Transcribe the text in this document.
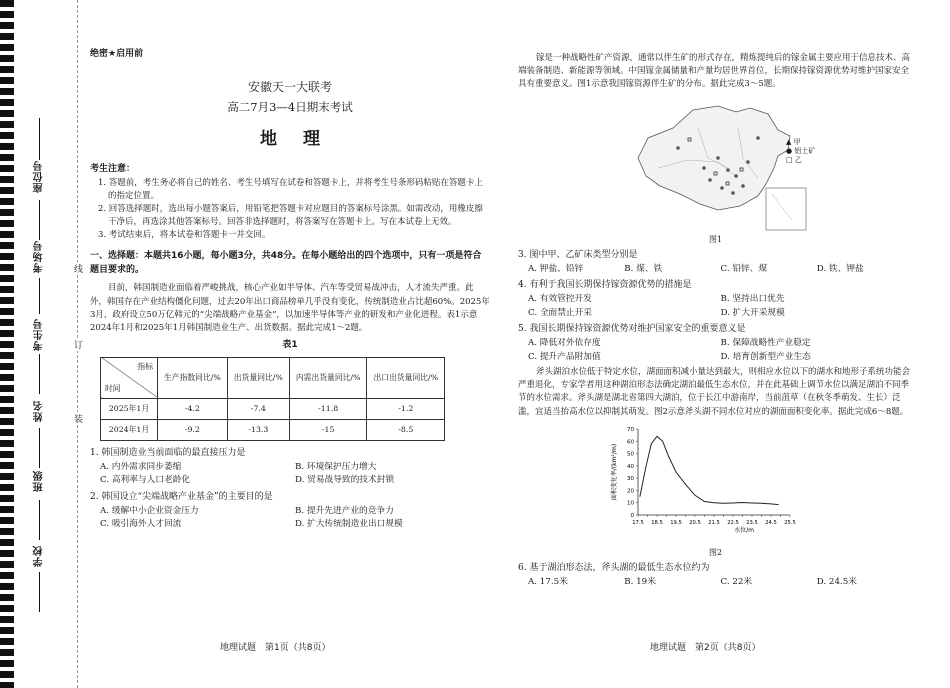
座位号
考场号
考生号
姓名
班级
学校
线
订
装
绝密★启用前
安徽天一大联考
高二7月3—4日期末考试
地理
考生注意：
1. 答题前，考生务必将自己的姓名、考生号填写在试卷和答题卡上，并将考生号条形码粘贴在答题卡上的指定位置。
2. 回答选择题时，选出每小题答案后，用铅笔把答题卡对应题目的答案标号涂黑。如需改动，用橡皮擦干净后，再选涂其他答案标号。回答非选择题时，将答案写在答题卡上。写在本试卷上无效。
3. 考试结束后，将本试卷和答题卡一并交回。
一、选择题：本题共16小题，每小题3分，共48分。在每小题给出的四个选项中，只有一项是符合题目要求的。
目前，韩国制造业面临着严峻挑战，核心产业如半导体、汽车等受贸易战冲击，人才流失严重。此外，韩国存在产业结构僵化问题，过去20年出口商品榜单几乎没有变化，传统制造业占比超60%。2025年3月，政府设立50万亿韩元的“尖端战略产业基金”，以加速半导体等产业的研发和产业化进程。表1示意2024年1月和2025年1月韩国制造业生产、出货数据。据此完成1～2题。
表1
指标
时间	生产指数同比/%	出货量同比/%	内需出货量同比/%	出口出货量同比/%
2025年1月	-4.2	-7.4	-11.8	-1.2
2024年1月	-9.2	-13.3	-15	-8.5
1. 韩国制造业当前面临的最直接压力是
A. 内外需求同步萎缩	B. 环境保护压力增大
C. 高利率与人口老龄化	D. 贸易战导致的技术封锁
2. 韩国设立“尖端战略产业基金”的主要目的是
A. 缓解中小企业资金压力	B. 提升先进产业的竞争力
C. 吸引海外人才回流	D. 扩大传统制造业出口规模
地理试题　第1页（共8页）
镓是一种战略性矿产资源，通常以伴生矿的形式存在，精炼提纯后的镓金属主要应用于信息技术、高端装备制造、新能源等领域。中国镓金属储量和产量均居世界首位，长期保持镓资源优势对维护国家安全具有重要意义。图1示意我国镓资源伴生矿的分布。据此完成3～5题。
▲ 甲
● 铝土矿
□ 乙
图1
3. 图中甲、乙矿床类型分别是
A. 钾盐、铅锌	B. 煤、铁	C. 铅锌、煤	D. 铁、钾盐
4. 有利于我国长期保持镓资源优势的措施是
A. 有效管控开发	B. 坚持出口优先
C. 全面禁止开采	D. 扩大开采规模
5. 我国长期保持镓资源优势对维护国家安全的重要意义是
A. 降低对外依存度	B. 保障战略性产业稳定
C. 提升产品附加值	D. 培育创新型产业生态
斧头湖泊水位低于特定水位，湖面面积减小量达到最大，则相应水位以下的湖水和地形子系统功能会严重退化，专家学者用这种湖泊形态法确定湖泊最低生态水位，并在此基础上调节水位以满足湖泊不同季节的水位需求。斧头湖是湖北省第四大湖泊，位于长江中游南岸，当前菹草（在秋冬季萌发、生长）泛滥，宜适当抬高水位以抑制其萌发。图2示意斧头湖不同水位对应的湖面面积变化率。据此完成6～8题。
17.5 18.5 19.5 20.5 21.5 22.5 23.5 24.5 25.5
0
10
20
30
40
50
60
70
水位/m
面积变化率/(km²/m)
图2
6. 基于湖泊形态法，斧头湖的最低生态水位约为
A. 17.5米	B. 19米	C. 22米	D. 24.5米
地理试题　第2页（共8页）
